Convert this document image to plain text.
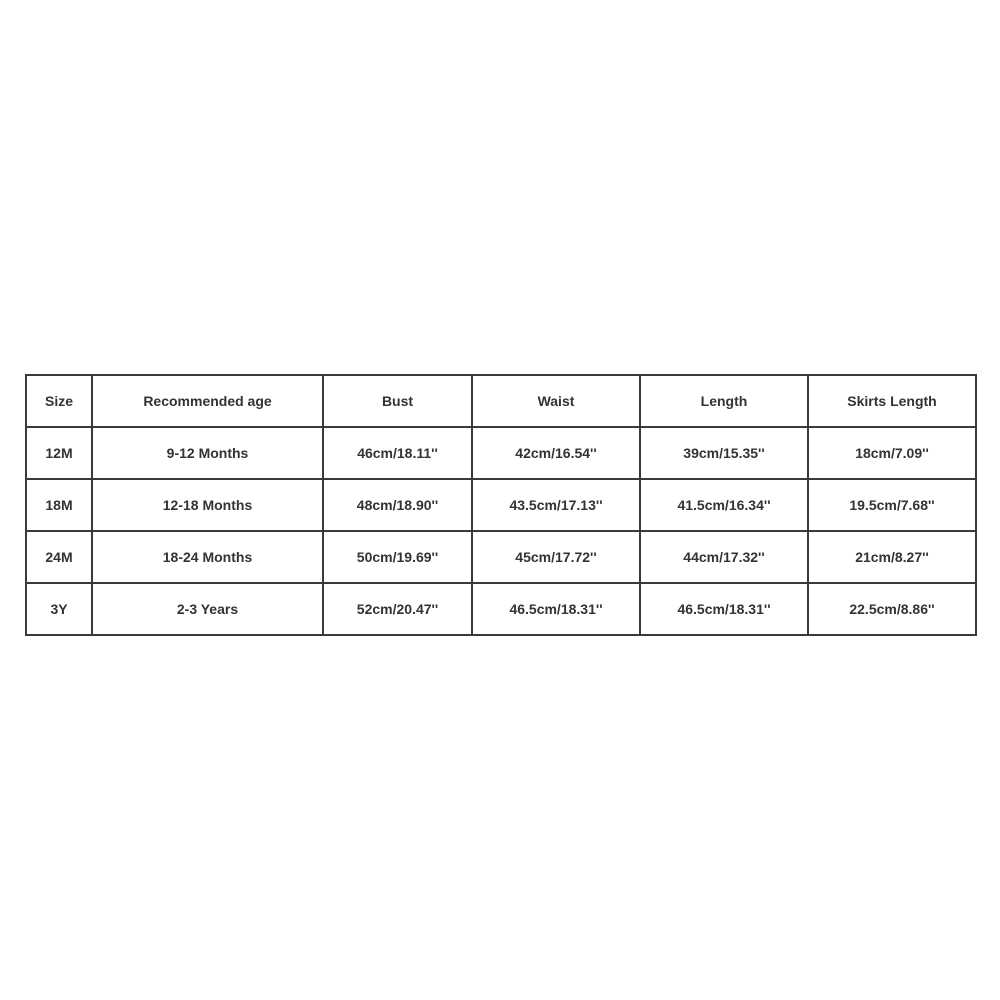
Size	Recommended age	Bust	Waist	Length	Skirts Length
12M	9-12 Months	46cm/18.11''	42cm/16.54''	39cm/15.35''	18cm/7.09''
18M	12-18 Months	48cm/18.90''	43.5cm/17.13''	41.5cm/16.34''	19.5cm/7.68''
24M	18-24 Months	50cm/19.69''	45cm/17.72''	44cm/17.32''	21cm/8.27''
3Y	2-3 Years	52cm/20.47''	46.5cm/18.31''	46.5cm/18.31''	22.5cm/8.86''
